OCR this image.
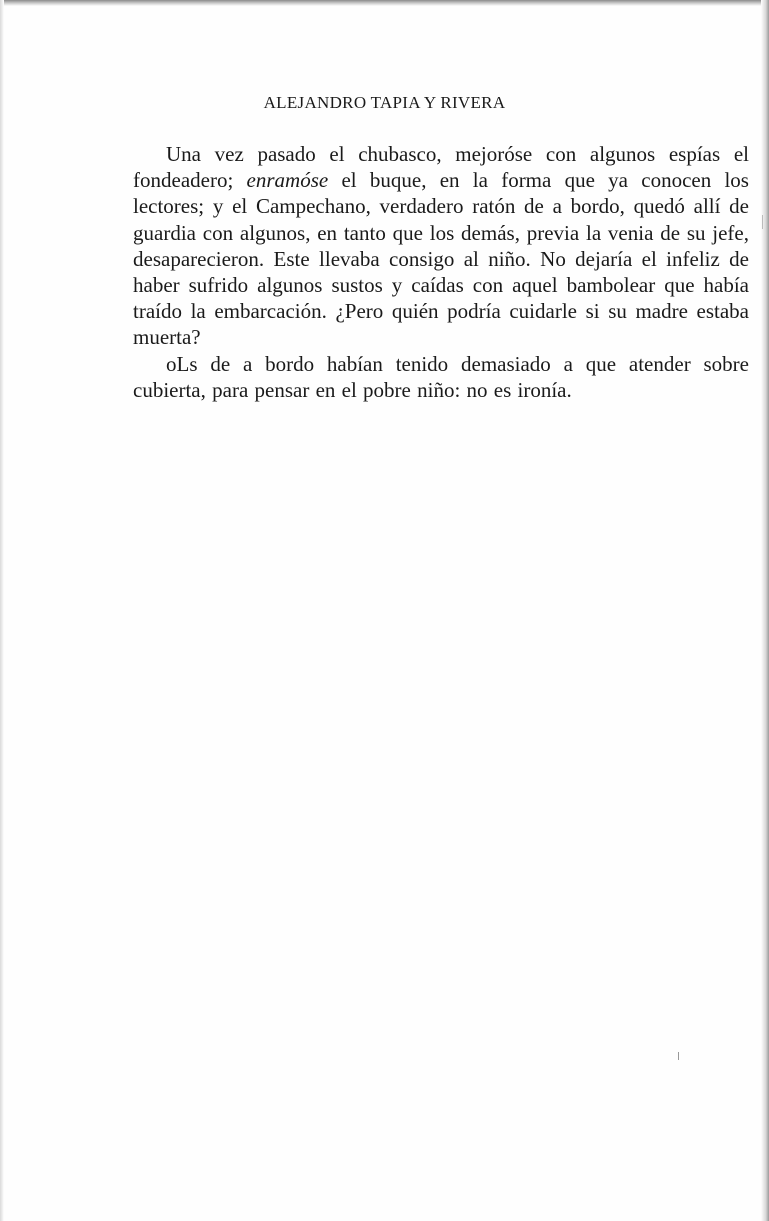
ALEJANDRO TAPIA Y RIVERA

Una vez pasado el chubasco, mejoróse con algunos espías el fondeadero; enramóse el buque, en la forma que ya conocen los lectores; y el Campechano, verdadero ratón de a bordo, quedó allí de guardia con algunos, en tanto que los demás, previa la venia de su jefe, desaparecieron. Este llevaba consigo al niño. No dejaría el infeliz de haber sufrido algunos sustos y caídas con aquel bambolear que había traído la embarcación. ¿Pero quién podría cuidarle si su madre estaba muerta?

oLs de a bordo habían tenido demasiado a que atender sobre cubierta, para pensar en el pobre niño: no es ironía.
